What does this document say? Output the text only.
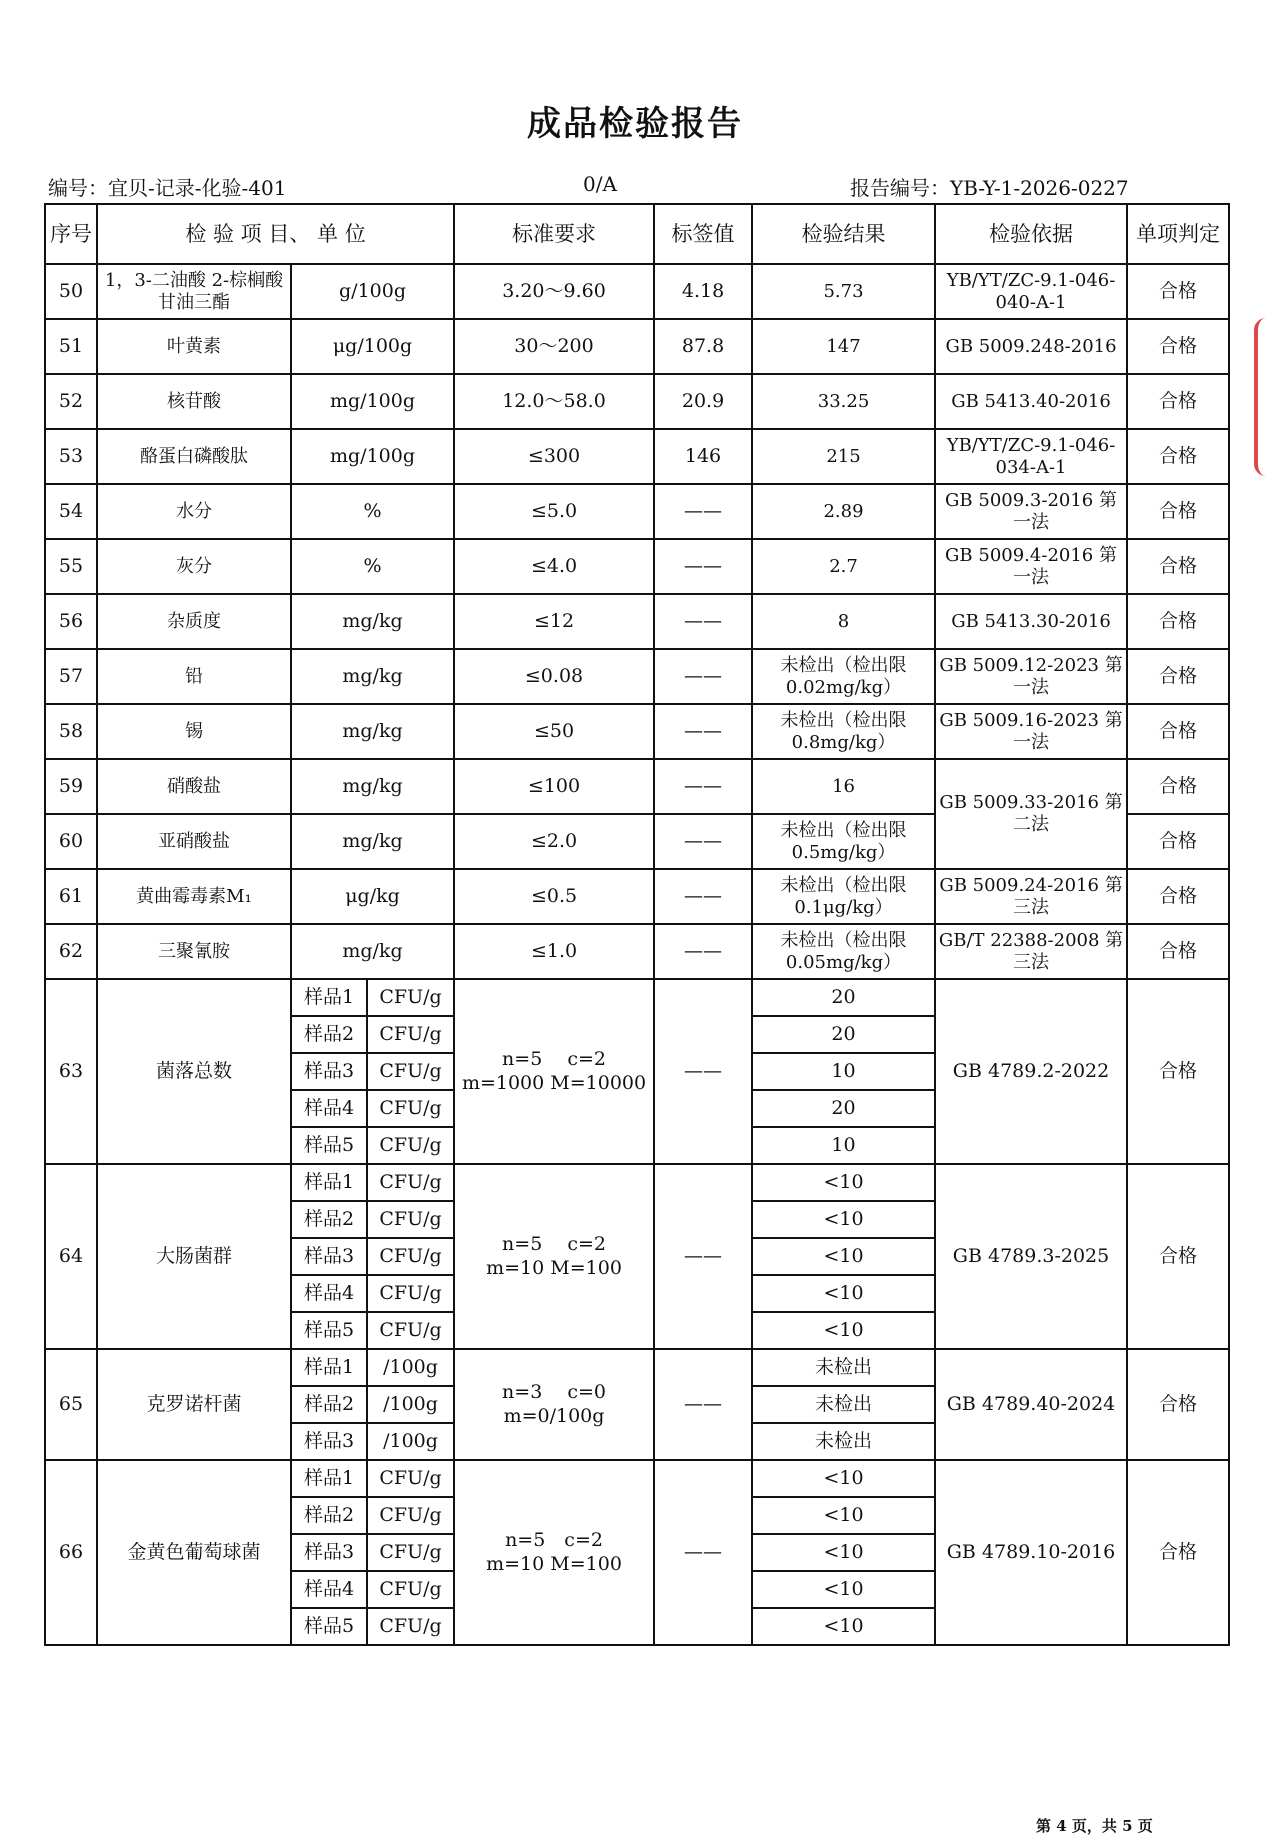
成品检验报告
编号：宜贝-记录-化验-401	0/A	报告编号：YB-Y-1-2026-0227
序号	检 验 项 目、 单 位			标准要求	标签值	检验结果	检验依据	单项判定
50	1，3-二油酸 2-棕榈酸甘油三酯	g/100g		3.20～9.60	4.18	5.73	YB/YT/ZC-9.1-046-040-A-1	合格
51	叶黄素	μg/100g		30～200	87.8	147	GB 5009.248-2016	合格
52	核苷酸	mg/100g		12.0～58.0	20.9	33.25	GB 5413.40-2016	合格
53	酪蛋白磷酸肽	mg/100g		≤300	146	215	YB/YT/ZC-9.1-046-034-A-1	合格
54	水分	%		≤5.0	——	2.89	GB 5009.3-2016 第一法	合格
55	灰分	%		≤4.0	——	2.7	GB 5009.4-2016 第一法	合格
56	杂质度	mg/kg		≤12	——	8	GB 5413.30-2016	合格
57	铅	mg/kg		≤0.08	——	未检出（检出限 0.02mg/kg）	GB 5009.12-2023 第一法	合格
58	锡	mg/kg		≤50	——	未检出（检出限 0.8mg/kg）	GB 5009.16-2023 第一法	合格
59	硝酸盐	mg/kg		≤100	——	16	GB 5009.33-2016 第二法	合格
60	亚硝酸盐	mg/kg		≤2.0	——	未检出（检出限 0.5mg/kg）		合格
61	黄曲霉毒素M₁	μg/kg		≤0.5	——	未检出（检出限 0.1μg/kg）	GB 5009.24-2016 第三法	合格
62	三聚氰胺	mg/kg		≤1.0	——	未检出（检出限 0.05mg/kg）	GB/T 22388-2008 第三法	合格
63	菌落总数	样品1	CFU/g	n=5　 c=2
m=1000 M=10000	——	20	GB 4789.2-2022	合格
		样品2	CFU/g			20		
		样品3	CFU/g			10		
		样品4	CFU/g			20		
		样品5	CFU/g			10		
64	大肠菌群	样品1	CFU/g	n=5　 c=2
m=10 M=100	——	<10	GB 4789.3-2025	合格
		样品2	CFU/g			<10		
		样品3	CFU/g			<10		
		样品4	CFU/g			<10		
		样品5	CFU/g			<10		
65	克罗诺杆菌	样品1	/100g	n=3　 c=0
m=0/100g	——	未检出	GB 4789.40-2024	合格
		样品2	/100g			未检出		
		样品3	/100g			未检出		
66	金黄色葡萄球菌	样品1	CFU/g	n=5　c=2
m=10 M=100	——	<10	GB 4789.10-2016	合格
		样品2	CFU/g			<10		
		样品3	CFU/g			<10		
		样品4	CFU/g			<10		
		样品5	CFU/g			<10		
第 4 页，共 5 页
